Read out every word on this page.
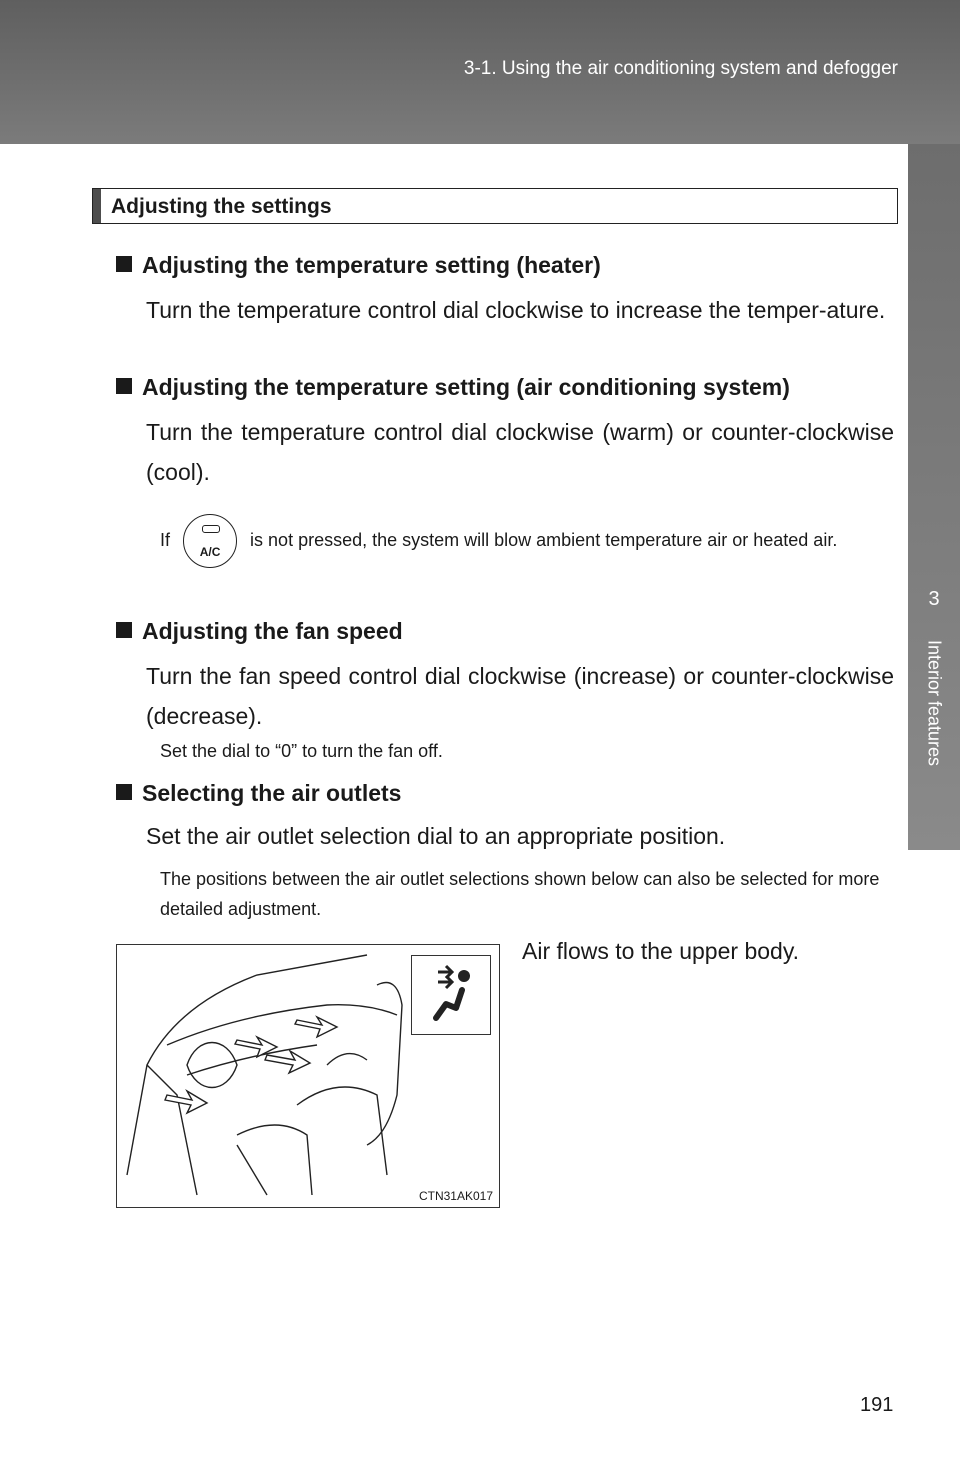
3-1. Using the air conditioning system and defogger
3
Interior features
Adjusting the settings
Adjusting the temperature setting (heater)
Turn the temperature control dial clockwise to increase the temper-ature.
Adjusting the temperature setting (air conditioning system)
Turn the temperature control dial clockwise (warm) or counter-clockwise (cool).
If
A/C
is not pressed, the system will blow ambient temperature air or heated air.
Adjusting the fan speed
Turn the fan speed control dial clockwise (increase) or counter-clockwise (decrease).
Set the dial to “0” to turn the fan off.
Selecting the air outlets
Set the air outlet selection dial to an appropriate position.
The positions between the air outlet selections shown below can also be selected for more detailed adjustment.
CTN31AK017
Air flows to the upper body.
191
